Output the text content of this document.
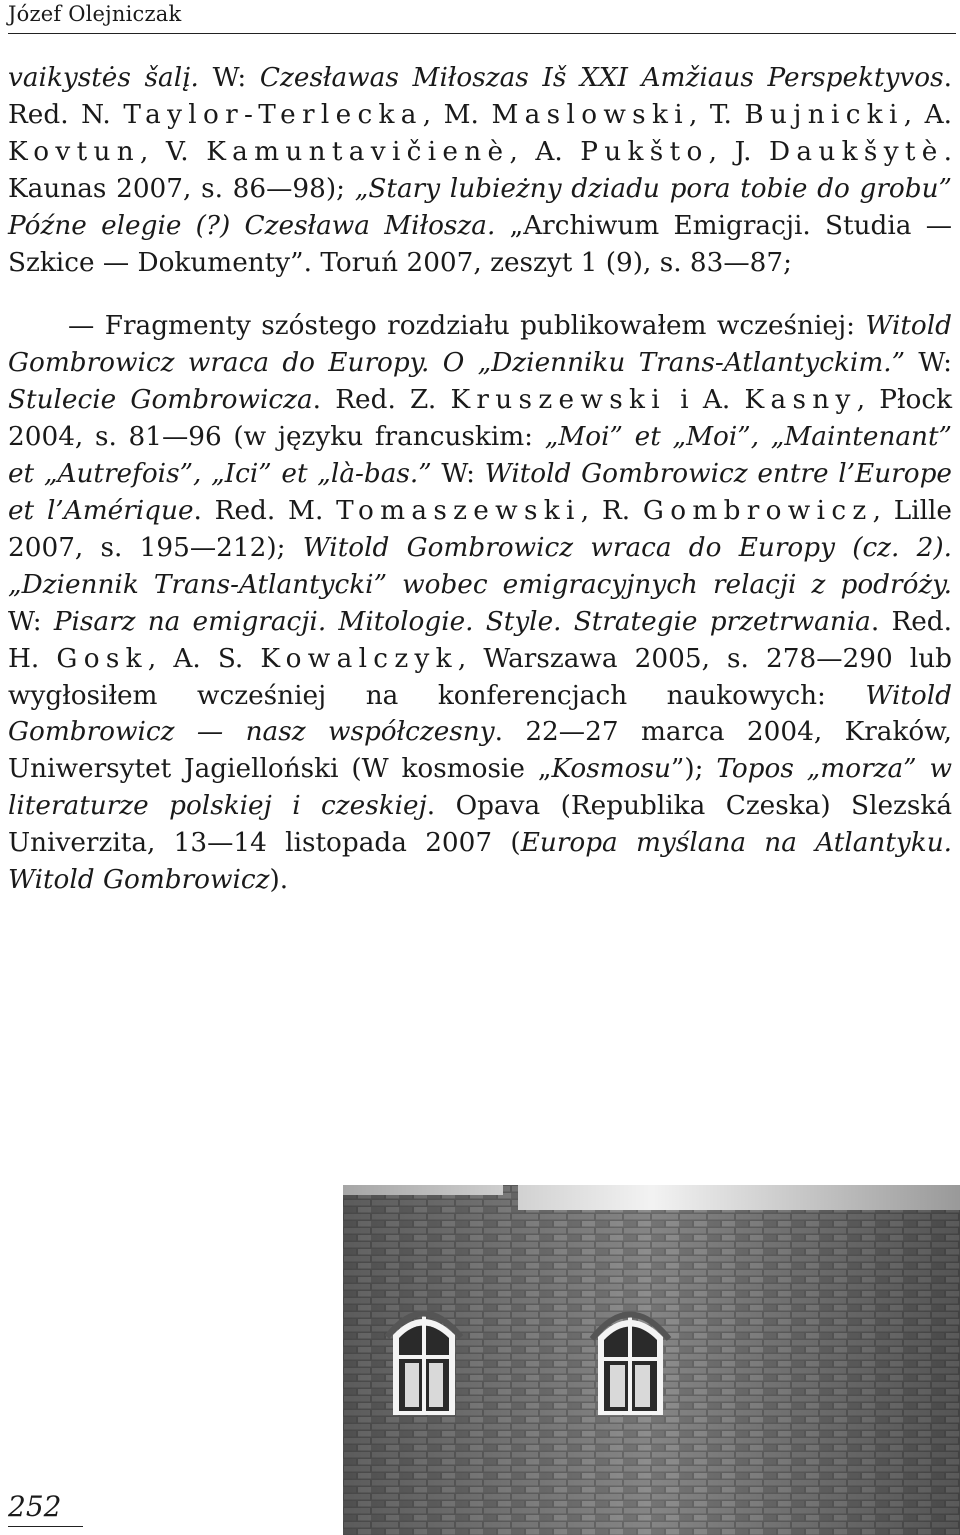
Józef Olejniczak

vaikystės šalį. W: Czesławas Miłoszas Iš XXI Amžiaus Perspektyvos. Red. N. Taylor-Terlecka, M. Maslowski, T. Bujnicki, A. Kovtun, V. Kamuntavičienè, A. Pukšto, J. Daukšytè. Kaunas 2007, s. 86—98); „Stary lubieżny dziadu pora tobie do grobu” Późne elegie (?) Czesława Miłosza. „Archiwum Emigracji. Studia — Szkice — Dokumenty”. Toruń 2007, zeszyt 1 (9), s. 83—87;

— Fragmenty szóstego rozdziału publikowałem wcześniej: Witold Gombrowicz wraca do Europy. O „Dzienniku Trans-Atlantyckim.” W: Stulecie Gombrowicza. Red. Z. Kruszewski i A. Kasny, Płock 2004, s. 81—96 (w języku francuskim: „Moi” et „Moi”, „Maintenant” et „Autrefois”, „Ici” et „là-bas.” W: Witold Gombrowicz entre l’Europe et l’Amérique. Red. M. Tomaszewski, R. Gombrowicz, Lille 2007, s. 195—212); Witold Gombrowicz wraca do Europy (cz. 2). „Dziennik Trans-Atlantycki” wobec emigracyjnych relacji z podróży. W: Pisarz na emigracji. Mitologie. Style. Strategie przetrwania. Red. H. Gosk, A. S. Kowalczyk, Warszawa 2005, s. 278—290 lub wygłosiłem wcześniej na konferencjach naukowych: Witold Gombrowicz — nasz współczesny. 22—27 marca 2004, Kraków, Uniwersytet Jagielloński (W kosmosie „Kosmosu”); Topos „morza” w literaturze polskiej i czeskiej. Opava (Republika Czeska) Slezská Univerzita, 13—14 listopada 2007 (Europa myślana na Atlantyku. Witold Gombrowicz).

252
